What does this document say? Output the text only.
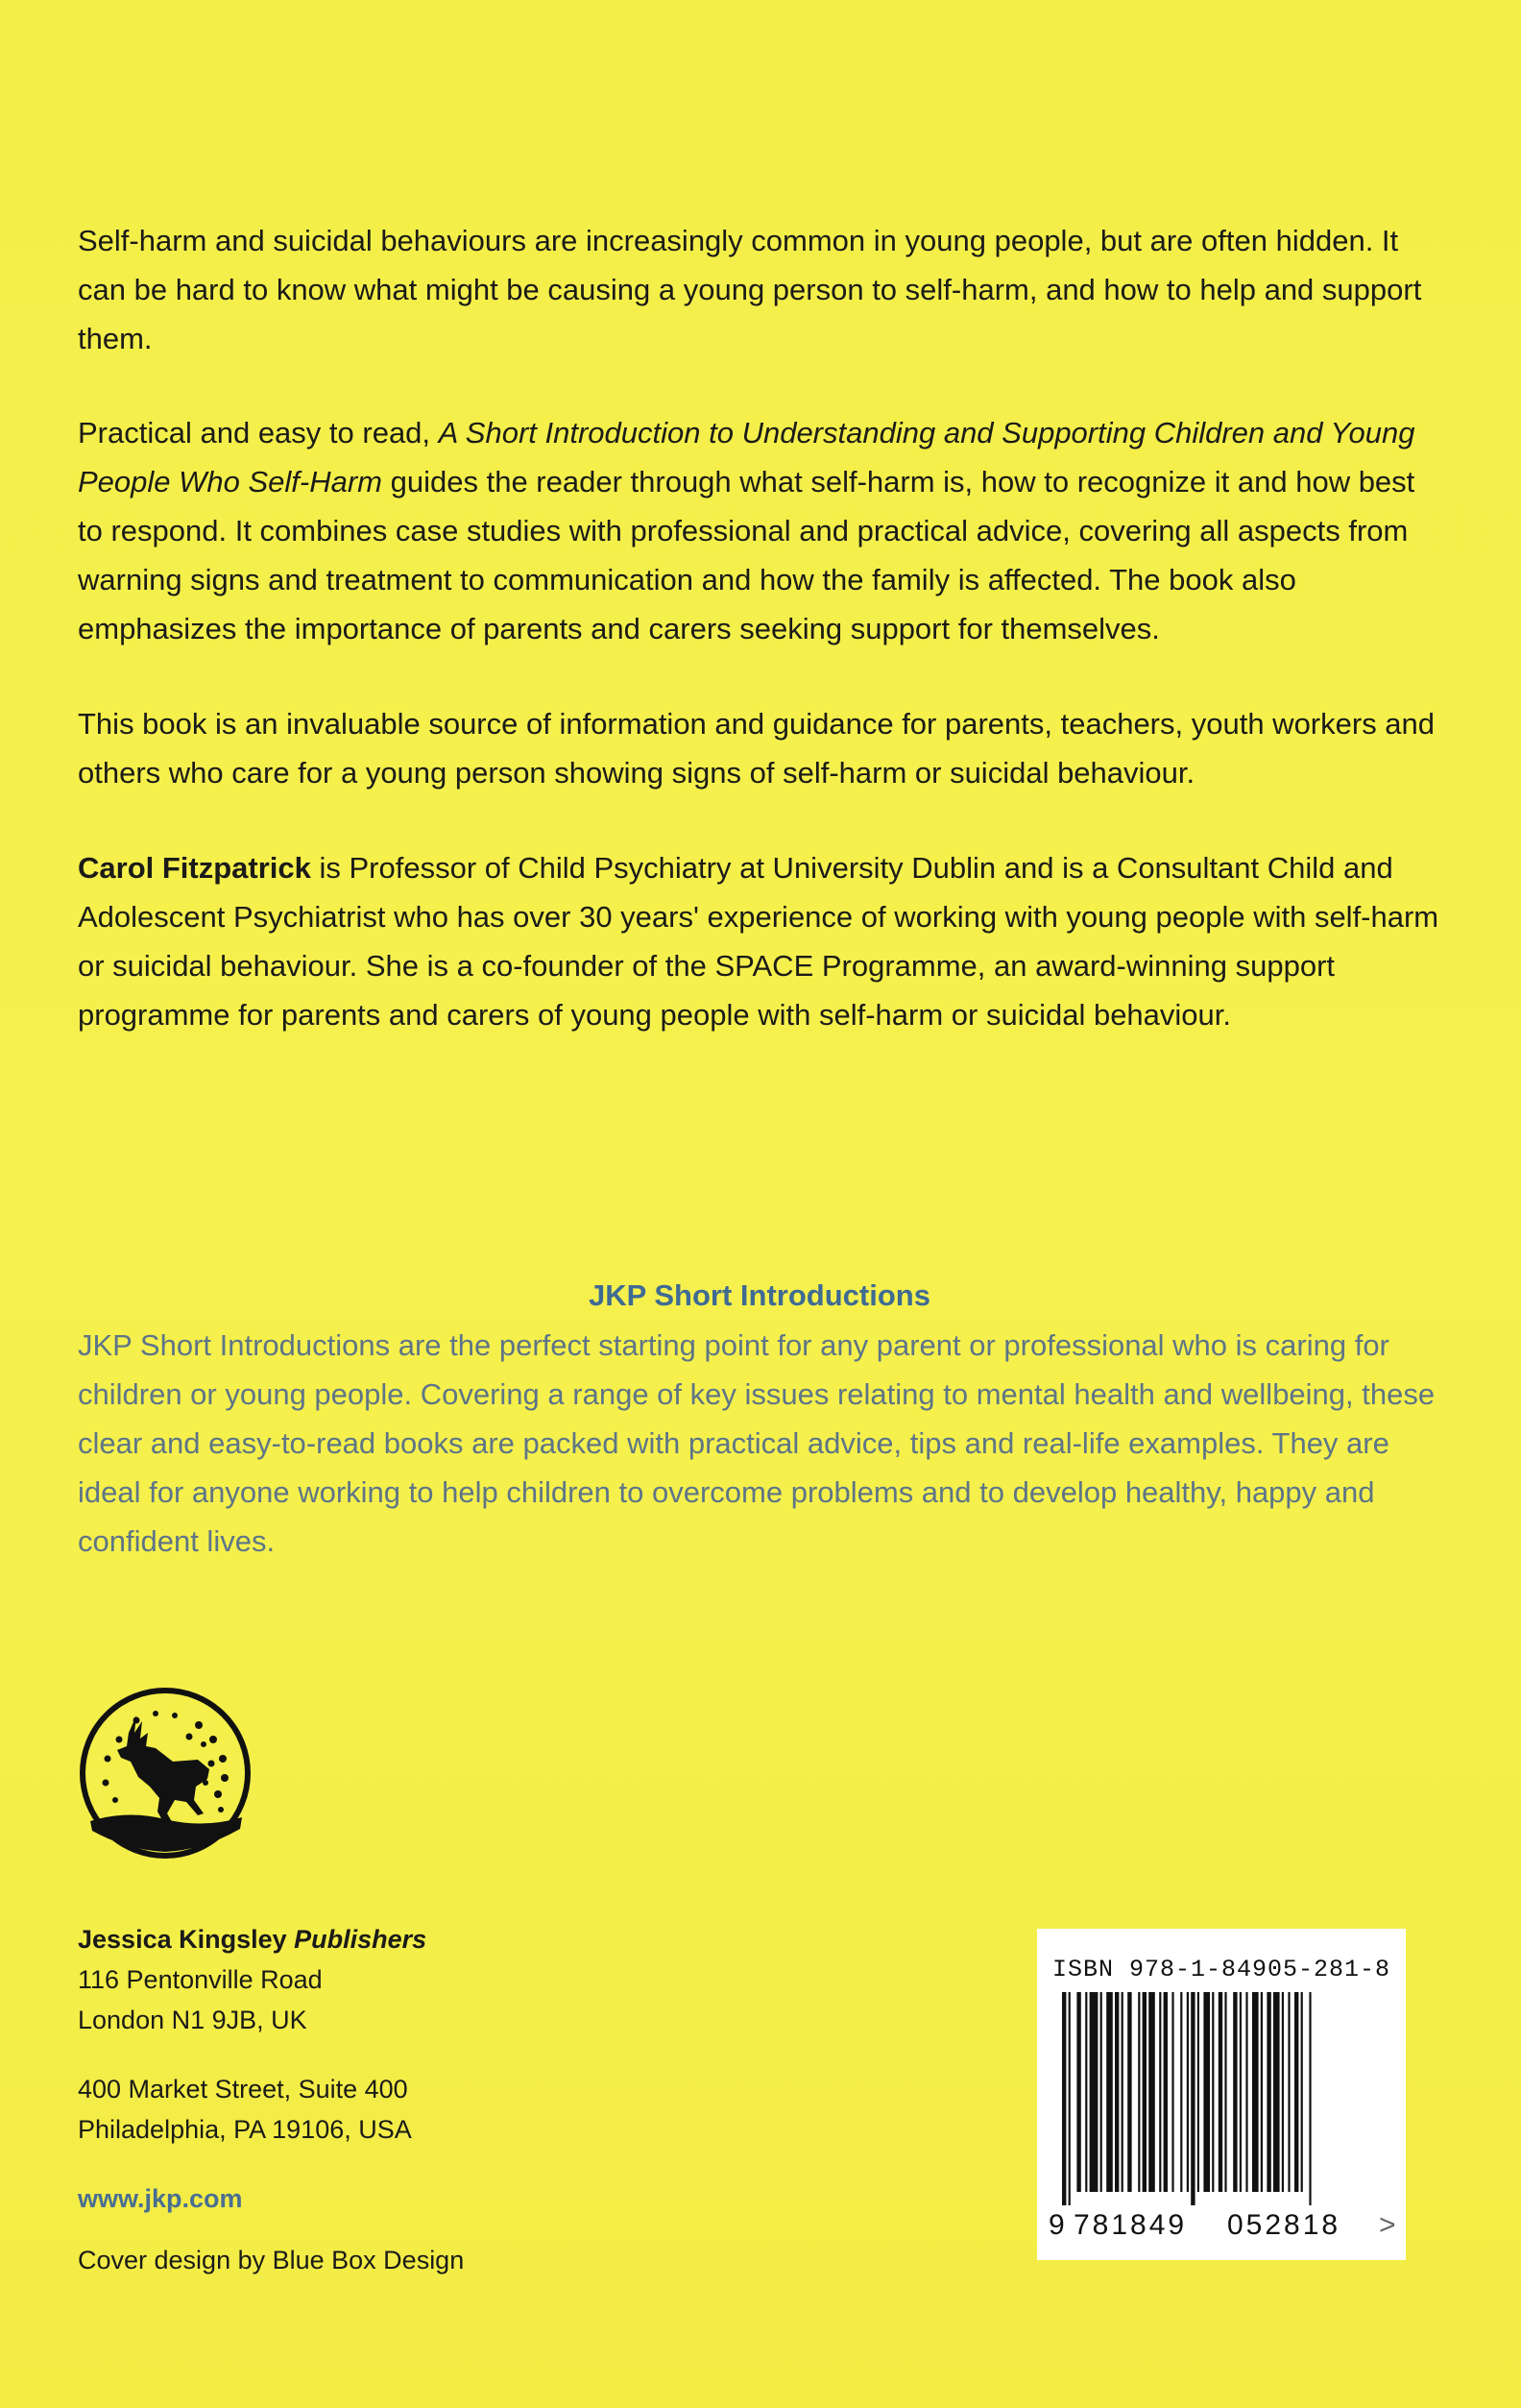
Self-harm and suicidal behaviours are increasingly common in young people, but are often hidden. It can be hard to know what might be causing a young person to self-harm, and how to help and support them.

Practical and easy to read, A Short Introduction to Understanding and Supporting Children and Young People Who Self-Harm guides the reader through what self-harm is, how to recognize it and how best to respond. It combines case studies with professional and practical advice, covering all aspects from warning signs and treatment to communication and how the family is affected. The book also emphasizes the importance of parents and carers seeking support for themselves.

This book is an invaluable source of information and guidance for parents, teachers, youth workers and others who care for a young person showing signs of self-harm or suicidal behaviour.

Carol Fitzpatrick is Professor of Child Psychiatry at University Dublin and is a Consultant Child and Adolescent Psychiatrist who has over 30 years' experience of working with young people with self-harm or suicidal behaviour. She is a co-founder of the SPACE Programme, an award-winning support programme for parents and carers of young people with self-harm or suicidal behaviour.

JKP Short Introductions

JKP Short Introductions are the perfect starting point for any parent or professional who is caring for children or young people. Covering a range of key issues relating to mental health and wellbeing, these clear and easy-to-read books are packed with practical advice, tips and real-life examples. They are ideal for anyone working to help children to overcome problems and to develop healthy, happy and confident lives.

Jessica Kingsley Publishers

116 Pentonville Road

London N1 9JB, UK

400 Market Street, Suite 400

Philadelphia, PA 19106, USA

www.jkp.com

Cover design by Blue Box Design

ISBN 978-1-84905-281-8

9

781849

052818

>
